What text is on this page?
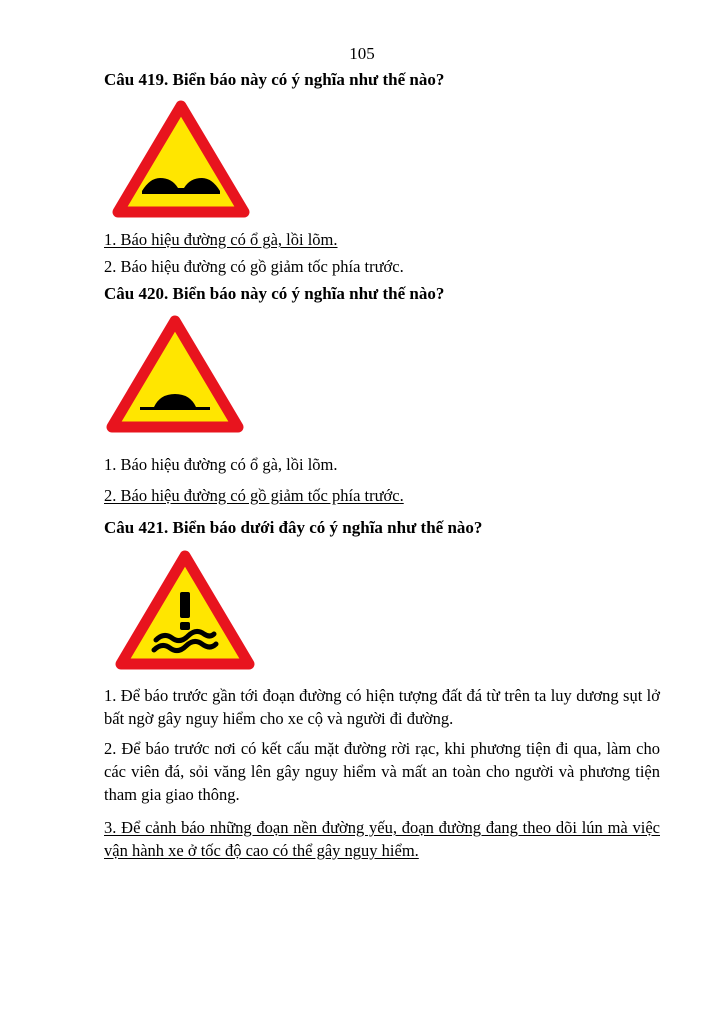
105
Câu 419. Biển báo này có ý nghĩa như thế nào?
1. Báo hiệu đường có ổ gà, lồi lõm.
2. Báo hiệu đường có gồ giảm tốc phía trước.
Câu 420. Biển báo này có ý nghĩa như thế nào?
1. Báo hiệu đường có ổ gà, lồi lõm.
2. Báo hiệu đường có gồ giảm tốc phía trước.
Câu 421. Biển báo dưới đây có ý nghĩa như thế nào?
1. Để báo trước gần tới đoạn đường có hiện tượng đất đá từ trên ta luy dương sụt lở bất ngờ gây nguy hiểm cho xe cộ và người đi đường.
2. Để báo trước nơi có kết cấu mặt đường rời rạc, khi phương tiện đi qua, làm cho các viên đá, sỏi văng lên gây nguy hiểm và mất an toàn cho người và phương tiện tham gia giao thông.
3. Để cảnh báo những đoạn nền đường yếu, đoạn đường đang theo dõi lún mà việc vận hành xe ở tốc độ cao có thể gây nguy hiểm.
